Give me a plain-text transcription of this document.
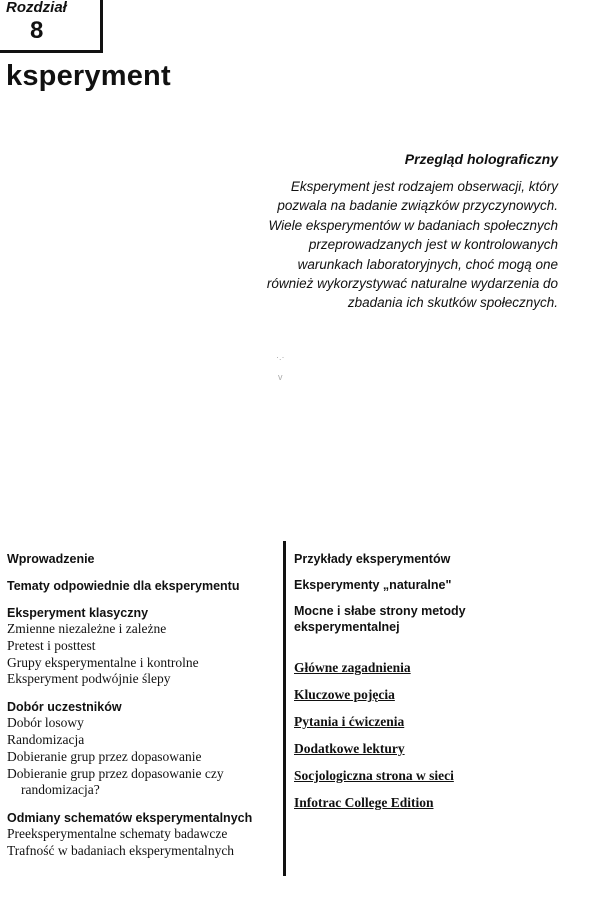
Rozdział
8
ksperyment
Przegląd holograficzny
Eksperyment jest rodzajem obserwacji, który pozwala na badanie związków przyczynowych. Wiele eksperymentów w badaniach społecznych przeprowadzanych jest w kontrolowanych warunkach laboratoryjnych, choć mogą one również wykorzystywać naturalne wydarzenia do zbadania ich skutków społecznych.
·.·
v
Wprowadzenie
Tematy odpowiednie dla eksperymentu
Eksperyment klasyczny
Zmienne niezależne i zależne
Pretest i posttest
Grupy eksperymentalne i kontrolne
Eksperyment podwójnie ślepy
Dobór uczestników
Dobór losowy
Randomizacja
Dobieranie grup przez dopasowanie
Dobieranie grup przez dopasowanie czy
randomizacja?
Odmiany schematów eksperymentalnych
Preeksperymentalne schematy badawcze
Trafność w badaniach eksperymentalnych
Przykłady eksperymentów
Eksperymenty „naturalne"
Mocne i słabe strony metody eksperymentalnej
Główne zagadnienia
Kluczowe pojęcia
Pytania i ćwiczenia
Dodatkowe lektury
Socjologiczna strona w sieci
Infotrac College Edition
